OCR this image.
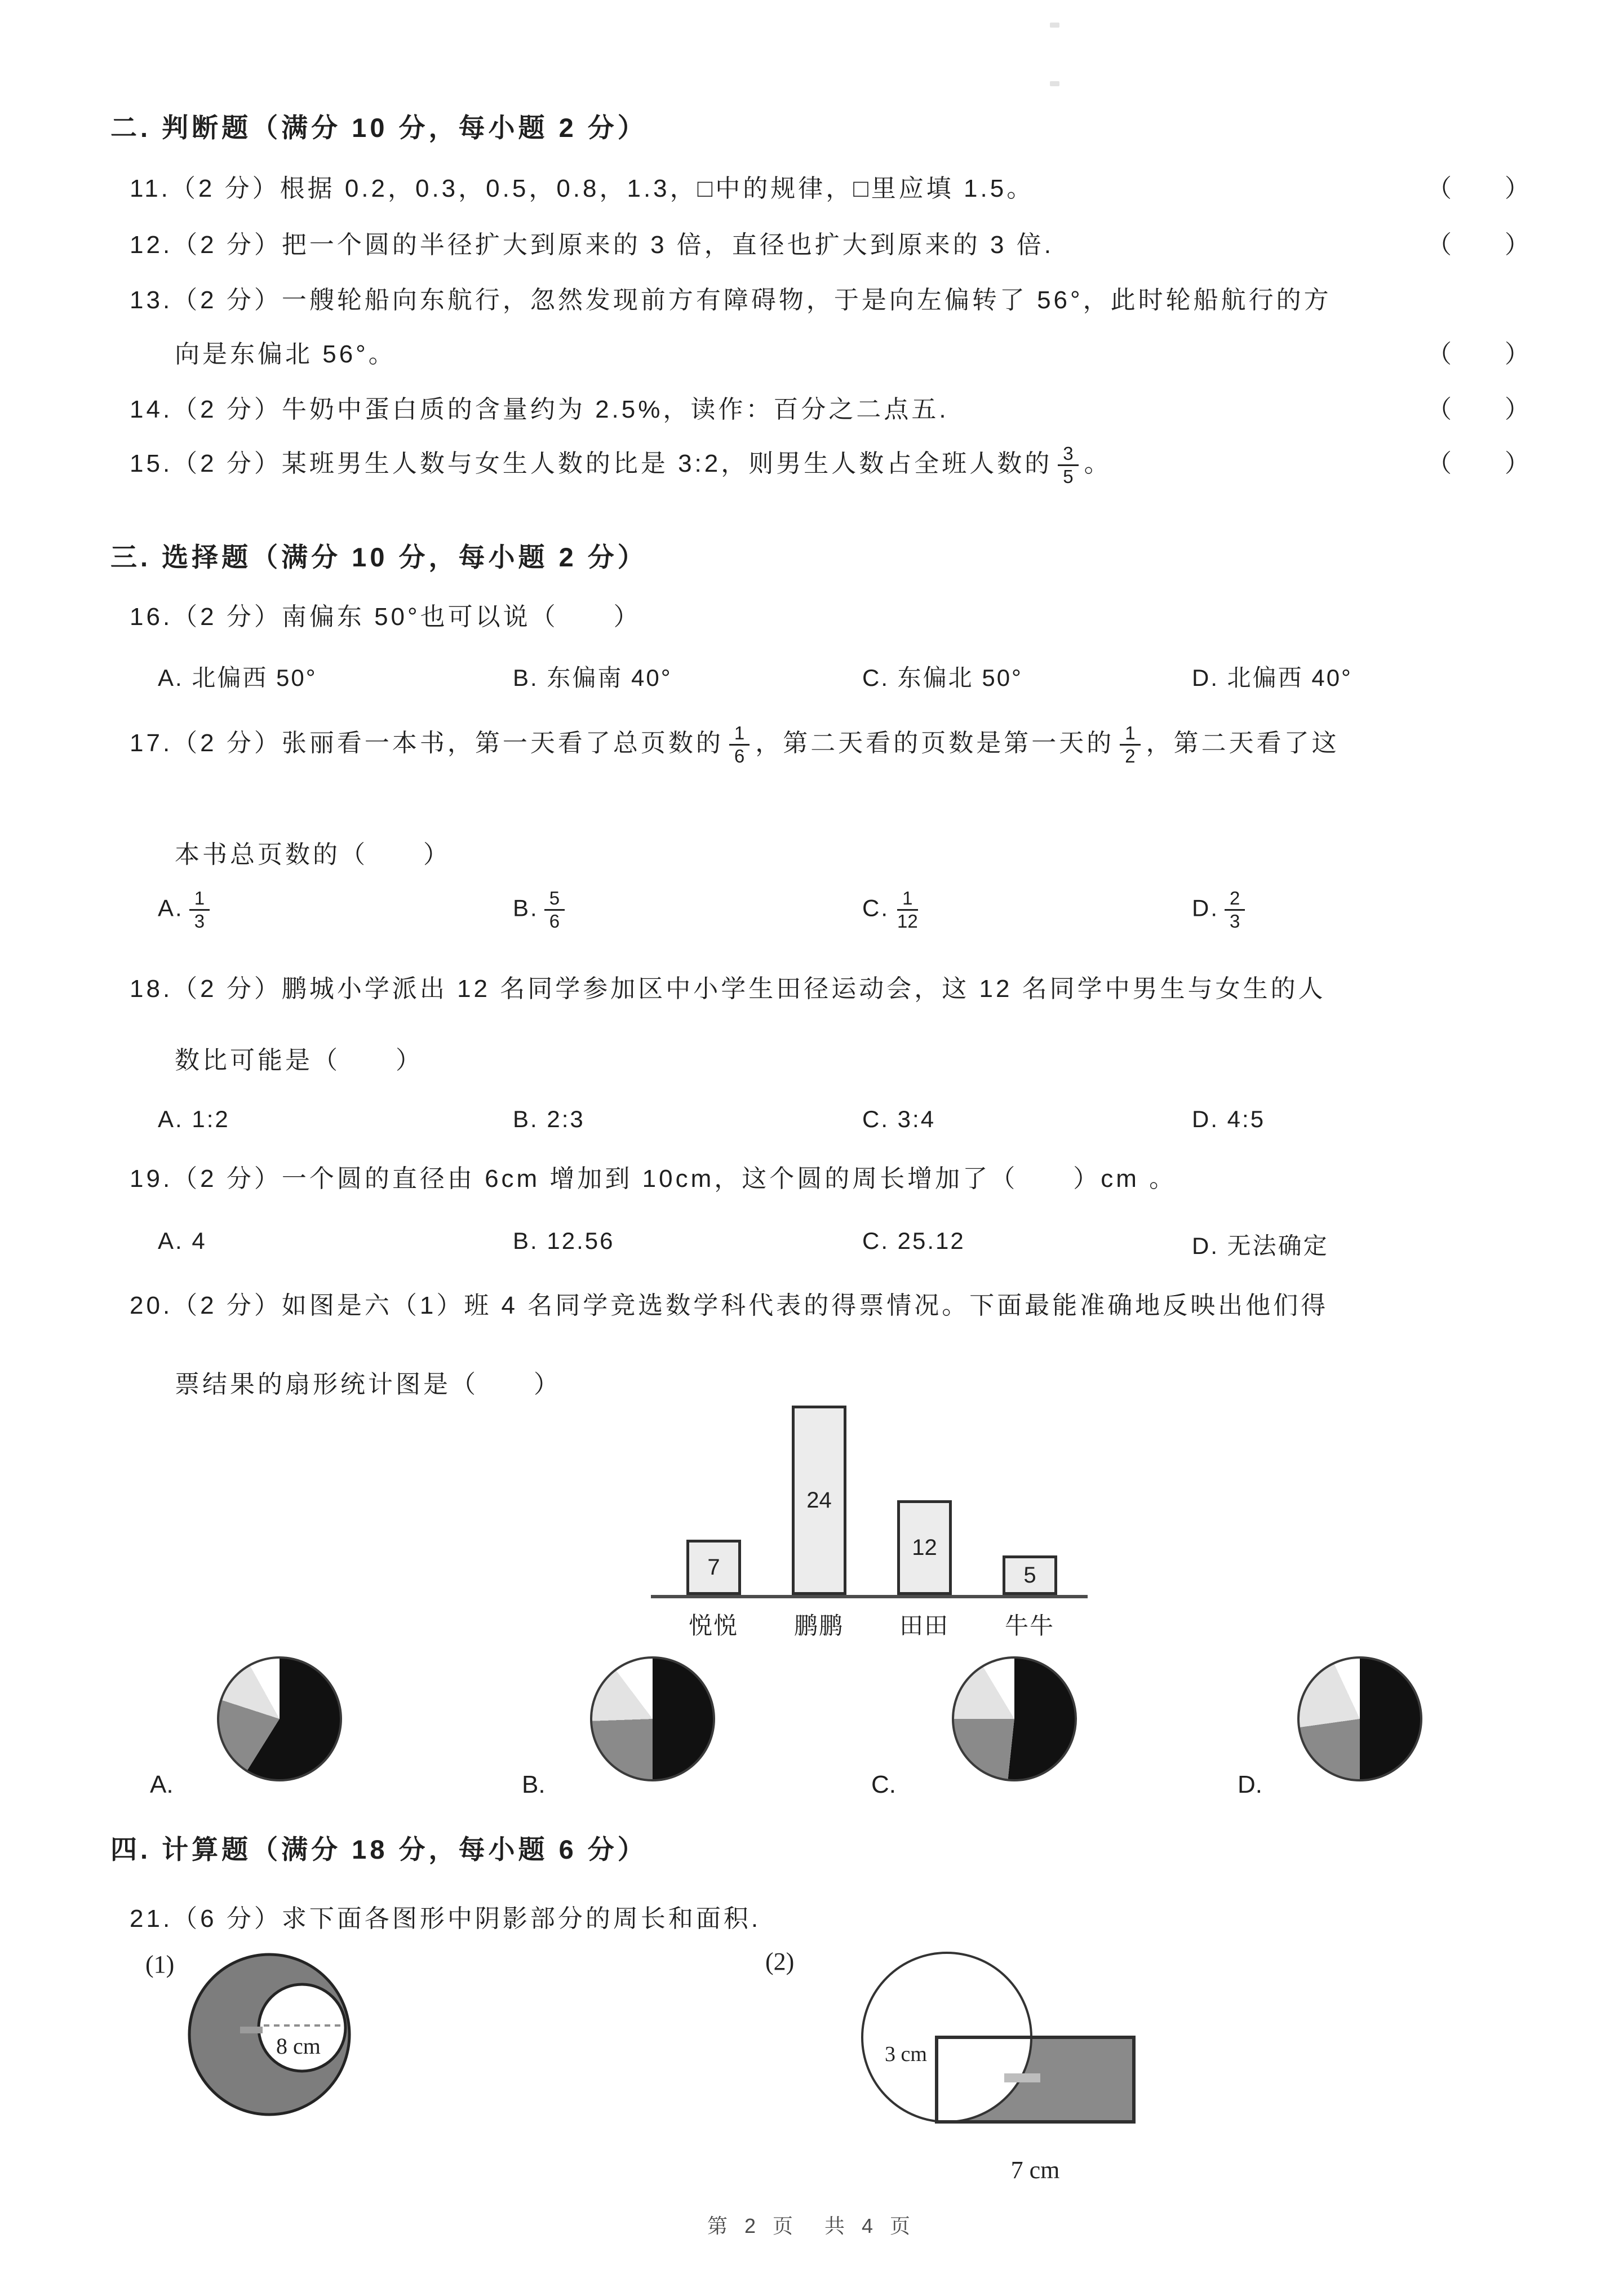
二. 判断题（满分 10 分，每小题 2 分）
11.（2 分）根据 0.2，0.3，0.5，0.8，1.3，□中的规律，□里应填 1.5。	（　　）
12.（2 分）把一个圆的半径扩大到原来的 3 倍，直径也扩大到原来的 3 倍.	（　　）
13.（2 分）一艘轮船向东航行，忽然发现前方有障碍物，于是向左偏转了 56°，此时轮船航行的方
向是东偏北 56°。	（　　）
14.（2 分）牛奶中蛋白质的含量约为 2.5%，读作：百分之二点五.	（　　）
15.（2 分）某班男生人数与女生人数的比是 3:2，则男生人数占全班人数的 $\frac{3}{5}$ 。	（　　）
三. 选择题（满分 10 分，每小题 2 分）
16.（2 分）南偏东 50°也可以说（　　）
A. 北偏西 50°	B. 东偏南 40°	C. 东偏北 50°	D. 北偏西 40°
17.（2 分）张丽看一本书，第一天看了总页数的 $\frac{1}{6}$ ，第二天看的页数是第一天的 $\frac{1}{2}$ ，第二天看了这
本书总页数的（　　）
A. $\frac{1}{3}$	B. $\frac{5}{6}$	C. $\frac{1}{12}$	D. $\frac{2}{3}$
18.（2 分）鹏城小学派出 12 名同学参加区中小学生田径运动会，这 12 名同学中男生与女生的人
数比可能是（　　）
A. 1:2	B. 2:3	C. 3:4	D. 4:5
19.（2 分）一个圆的直径由 6cm 增加到 10cm，这个圆的周长增加了（　　）cm 。
A. 4	B. 12.56	C. 25.12	D. 无法确定
20.（2 分）如图是六（1）班 4 名同学竞选数学科代表的得票情况。下面最能准确地反映出他们得
票结果的扇形统计图是（　　）
7
悦悦
24
鹏鹏
12
田田
5
牛牛
A.	B.	C.	D.
四. 计算题（满分 18 分，每小题 6 分）
21.（6 分）求下面各图形中阴影部分的周长和面积.
(1)
8 cm
(2)
3 cm
7 cm
第 2 页　共 4 页
